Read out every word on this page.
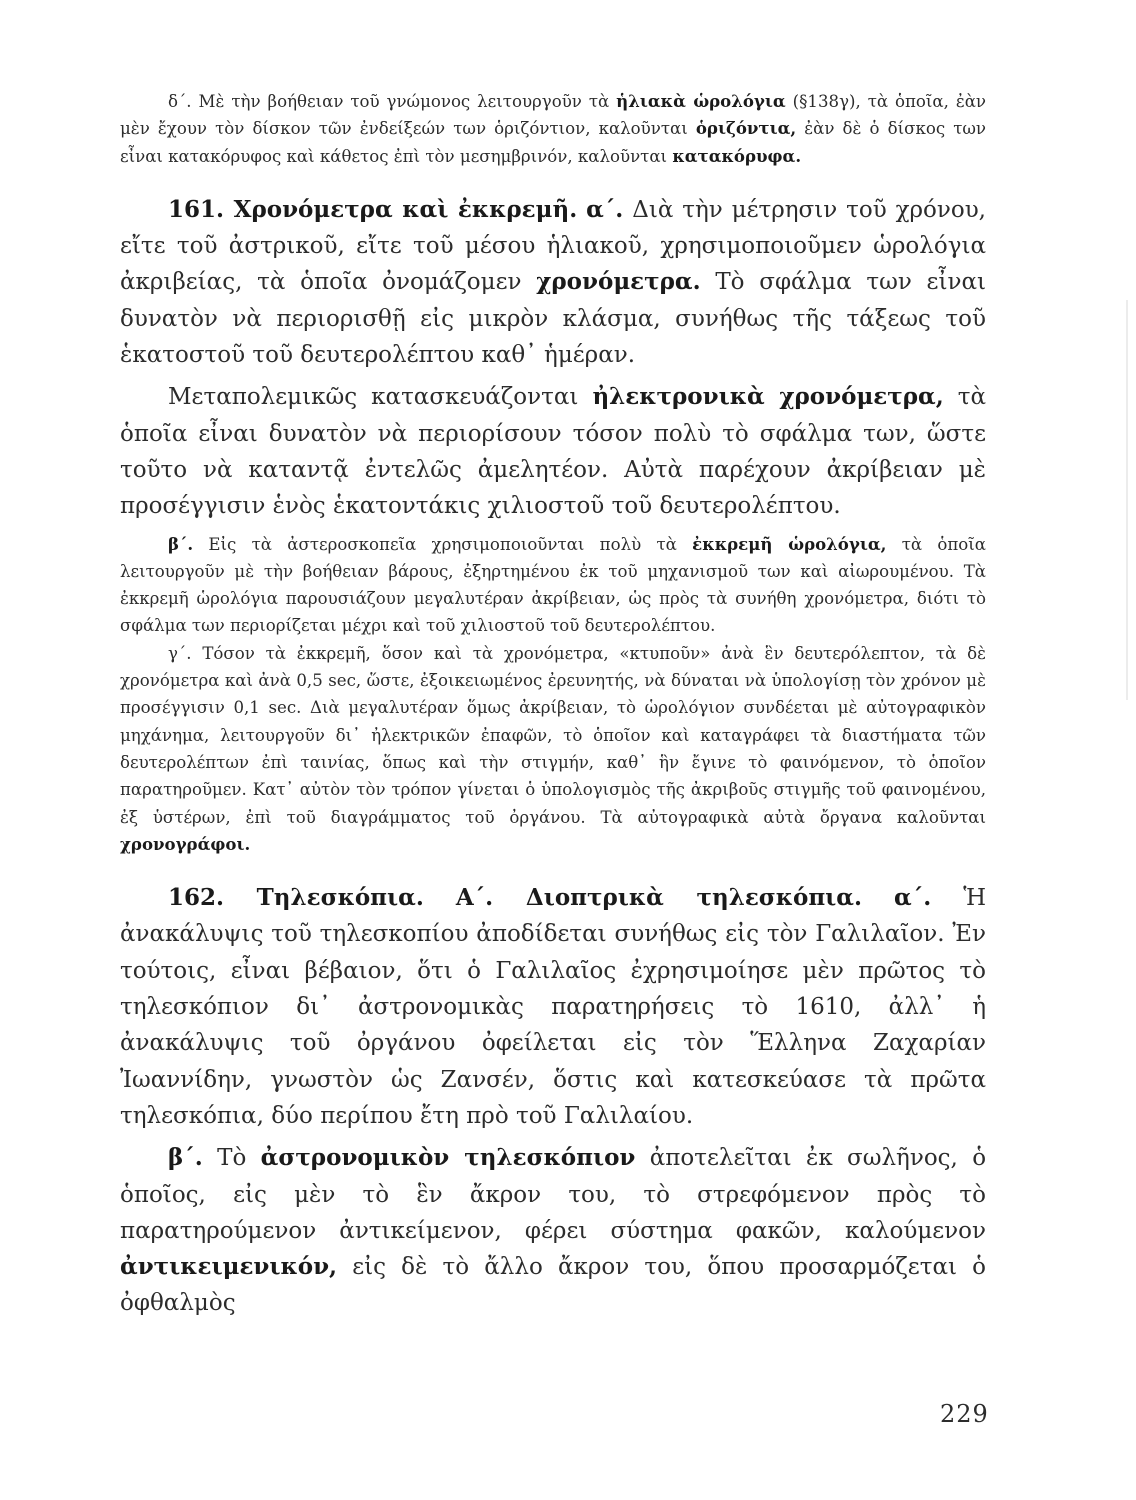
δ΄. Μὲ τὴν βοήθειαν τοῦ γνώμονος λειτουργοῦν τὰ ἡλιακὰ ὡρολόγια (§138γ), τὰ ὁποῖα, ἐὰν μὲν ἔχουν τὸν δίσκον τῶν ἐνδείξεών των ὁριζόντιον, καλοῦνται ὁριζόντια, ἐὰν δὲ ὁ δίσκος των εἶναι κατακόρυφος καὶ κάθετος ἐπὶ τὸν μεσημβρινόν, καλοῦνται κατακόρυφα.

161. Χρονόμετρα καὶ ἐκκρεμῆ. α΄. Διὰ τὴν μέτρησιν τοῦ χρόνου, εἴτε τοῦ ἀστρικοῦ, εἴτε τοῦ μέσου ἡλιακοῦ, χρησιμοποιοῦμεν ὡρολόγια ἀκριβείας, τὰ ὁποῖα ὀνομάζομεν χρονόμετρα. Τὸ σφάλμα των εἶναι δυνατὸν νὰ περιορισθῇ εἰς μικρὸν κλάσμα, συνήθως τῆς τάξεως τοῦ ἑκατοστοῦ τοῦ δευτερολέπτου καθ᾽ ἡμέραν.

Μεταπολεμικῶς κατασκευάζονται ἠλεκτρονικὰ χρονόμετρα, τὰ ὁποῖα εἶναι δυνατὸν νὰ περιορίσουν τόσον πολὺ τὸ σφάλμα των, ὥστε τοῦτο νὰ καταντᾷ ἐντελῶς ἀμελητέον. Αὐτὰ παρέχουν ἀκρίβειαν μὲ προσέγγισιν ἑνὸς ἑκατοντάκις χιλιοστοῦ τοῦ δευτερολέπτου.

β΄. Εἰς τὰ ἀστεροσκοπεῖα χρησιμοποιοῦνται πολὺ τὰ ἐκκρεμῆ ὡρολόγια, τὰ ὁποῖα λειτουργοῦν μὲ τὴν βοήθειαν βάρους, ἐξηρτημένου ἐκ τοῦ μηχανισμοῦ των καὶ αἰωρουμένου. Τὰ ἐκκρεμῆ ὡρολόγια παρουσιάζουν μεγαλυτέραν ἀκρίβειαν, ὡς πρὸς τὰ συνήθη χρονόμετρα, διότι τὸ σφάλμα των περιορίζεται μέχρι καὶ τοῦ χιλιοστοῦ τοῦ δευτερολέπτου.

γ΄. Τόσον τὰ ἐκκρεμῆ, ὅσον καὶ τὰ χρονόμετρα, «κτυποῦν» ἀνὰ ἓν δευτερόλεπτον, τὰ δὲ χρονόμετρα καὶ ἀνὰ 0,5 sec, ὥστε, ἐξοικειωμένος ἐρευνητής, νὰ δύναται νὰ ὑπολογίσῃ τὸν χρόνον μὲ προσέγγισιν 0,1 sec. Διὰ μεγαλυτέραν ὅμως ἀκρίβειαν, τὸ ὡρολόγιον συνδέεται μὲ αὐτογραφικὸν μηχάνημα, λειτουργοῦν δι᾽ ἠλεκτρικῶν ἐπαφῶν, τὸ ὁποῖον καὶ καταγράφει τὰ διαστήματα τῶν δευτερολέπτων ἐπὶ ταινίας, ὅπως καὶ τὴν στιγμήν, καθ᾽ ἣν ἔγινε τὸ φαινόμενον, τὸ ὁποῖον παρατηροῦμεν. Κατ᾽ αὐτὸν τὸν τρόπον γίνεται ὁ ὑπολογισμὸς τῆς ἀκριβοῦς στιγμῆς τοῦ φαινομένου, ἐξ ὑστέρων, ἐπὶ τοῦ διαγράμματος τοῦ ὀργάνου. Τὰ αὐτογραφικὰ αὐτὰ ὄργανα καλοῦνται χρονογράφοι.

162. Τηλεσκόπια. Α΄. Διοπτρικὰ τηλεσκόπια. α΄. Ἡ ἀνακάλυψις τοῦ τηλεσκοπίου ἀποδίδεται συνήθως εἰς τὸν Γαλιλαῖον. Ἐν τούτοις, εἶναι βέβαιον, ὅτι ὁ Γαλιλαῖος ἐχρησιμοίησε μὲν πρῶτος τὸ τηλεσκόπιον δι᾽ ἀστρονομικὰς παρατηρήσεις τὸ 1610, ἀλλ᾽ ἡ ἀνακάλυψις τοῦ ὀργάνου ὀφείλεται εἰς τὸν Ἕλληνα Ζαχαρίαν Ἰωαννίδην, γνωστὸν ὡς Ζανσέν, ὅστις καὶ κατεσκεύασε τὰ πρῶτα τηλεσκόπια, δύο περίπου ἔτη πρὸ τοῦ Γαλιλαίου.

β΄. Τὸ ἀστρονομικὸν τηλεσκόπιον ἀποτελεῖται ἐκ σωλῆνος, ὁ ὁποῖος, εἰς μὲν τὸ ἓν ἄκρον του, τὸ στρεφόμενον πρὸς τὸ παρατηρούμενον ἀντικείμενον, φέρει σύστημα φακῶν, καλούμενον ἀντικειμενικόν, εἰς δὲ τὸ ἄλλο ἄκρον του, ὅπου προσαρμόζεται ὁ ὀφθαλμὸς

229
